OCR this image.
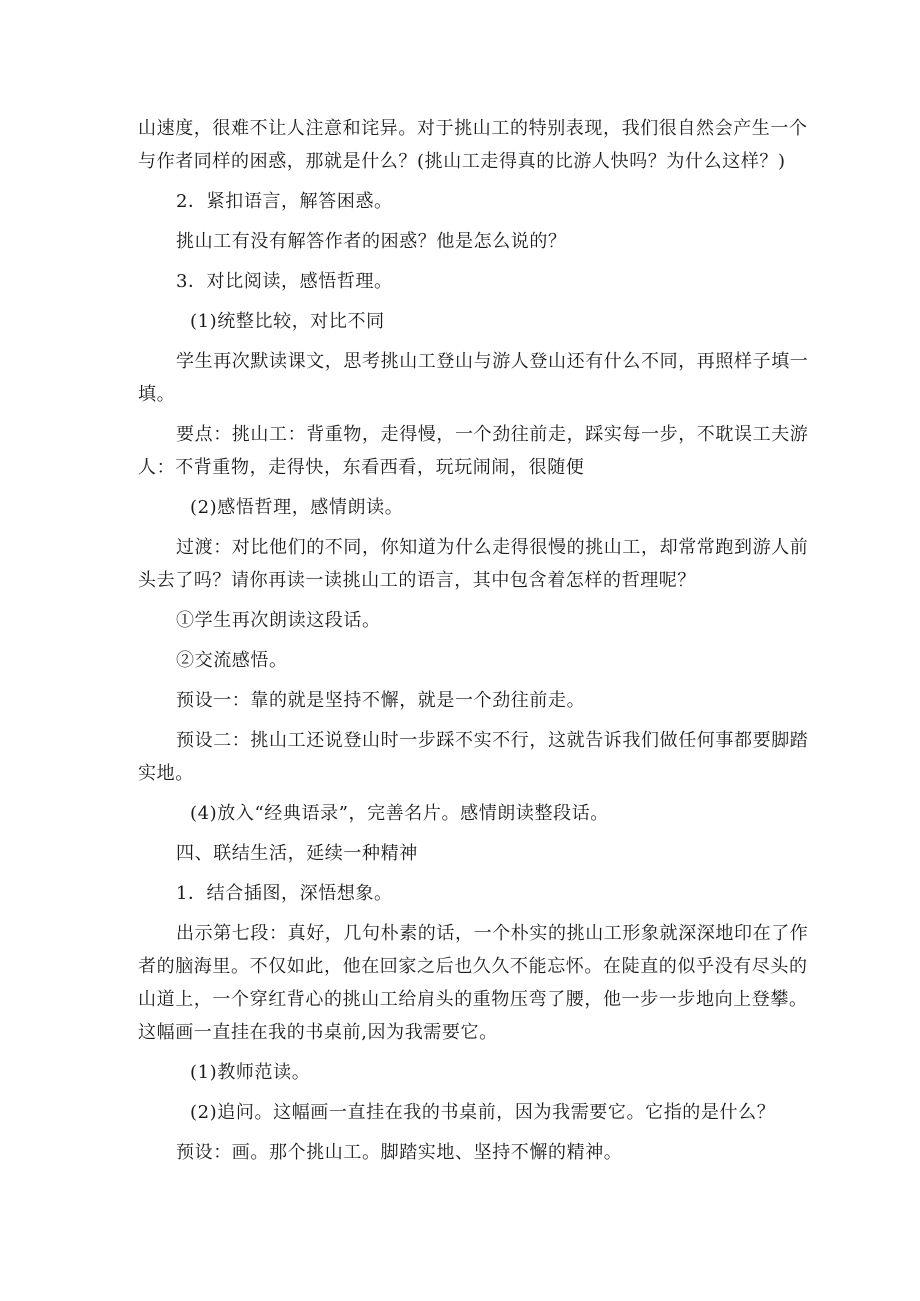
山速度，很难不让人注意和诧异。对于挑山工的特别表现，我们很自然会产生一个与作者同样的困惑，那就是什么？(挑山工走得真的比游人快吗？为什么这样？)

2．紧扣语言，解答困惑。

挑山工有没有解答作者的困惑？他是怎么说的？

3．对比阅读，感悟哲理。

(1)统整比较，对比不同

学生再次默读课文，思考挑山工登山与游人登山还有什么不同，再照样子填一填。

要点：挑山工：背重物，走得慢，一个劲往前走，踩实每一步，不耽误工夫游人：不背重物，走得快，东看西看，玩玩闹闹，很随便

(2)感悟哲理，感情朗读。

过渡：对比他们的不同，你知道为什么走得很慢的挑山工，却常常跑到游人前头去了吗？请你再读一读挑山工的语言，其中包含着怎样的哲理呢？

①学生再次朗读这段话。

②交流感悟。

预设一：靠的就是坚持不懈，就是一个劲往前走。

预设二：挑山工还说登山时一步踩不实不行，这就告诉我们做任何事都要脚踏实地。

(4)放入“经典语录”，完善名片。感情朗读整段话。

四、联结生活，延续一种精神

1．结合插图，深悟想象。

出示第七段：真好，几句朴素的话，一个朴实的挑山工形象就深深地印在了作者的脑海里。不仅如此，他在回家之后也久久不能忘怀。在陡直的似乎没有尽头的山道上，一个穿红背心的挑山工给肩头的重物压弯了腰，他一步一步地向上登攀。这幅画一直挂在我的书桌前,因为我需要它。

(1)教师范读。

(2)追问。这幅画一直挂在我的书桌前，因为我需要它。它指的是什么？

预设：画。那个挑山工。脚踏实地、坚持不懈的精神。
